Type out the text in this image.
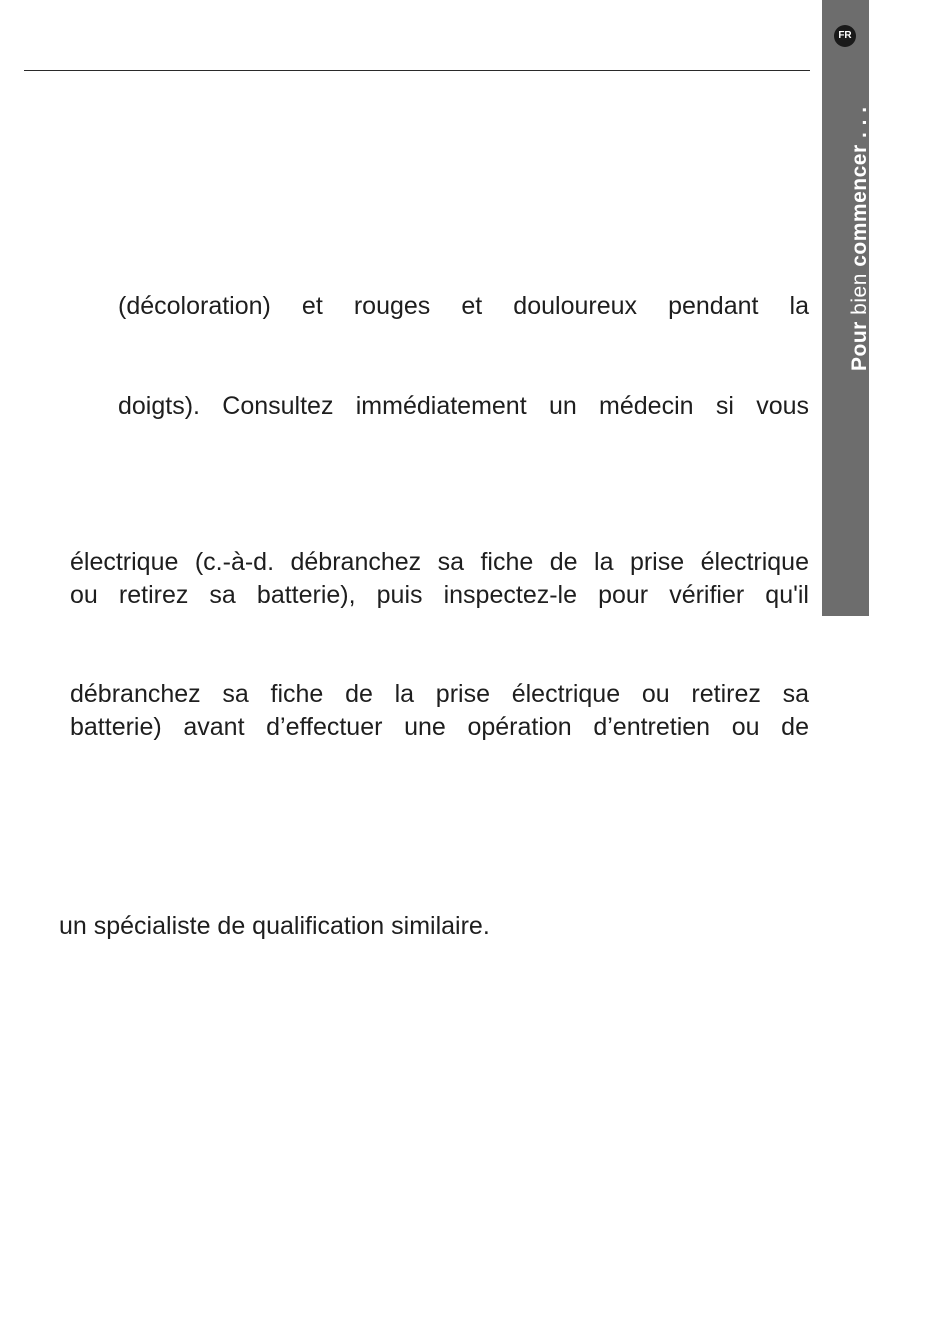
FR
Pour bien commencer . . .
(décoloration) et rouges et douloureux pendant la
doigts). Consultez immédiatement un médecin si vous
électrique (c.-à-d. débranchez sa fiche de la prise électrique
ou retirez sa batterie), puis inspectez-le pour vérifier qu'il
débranchez sa fiche de la prise électrique ou retirez sa
batterie) avant d’effectuer une opération d’entretien ou de
un spécialiste de qualification similaire.
